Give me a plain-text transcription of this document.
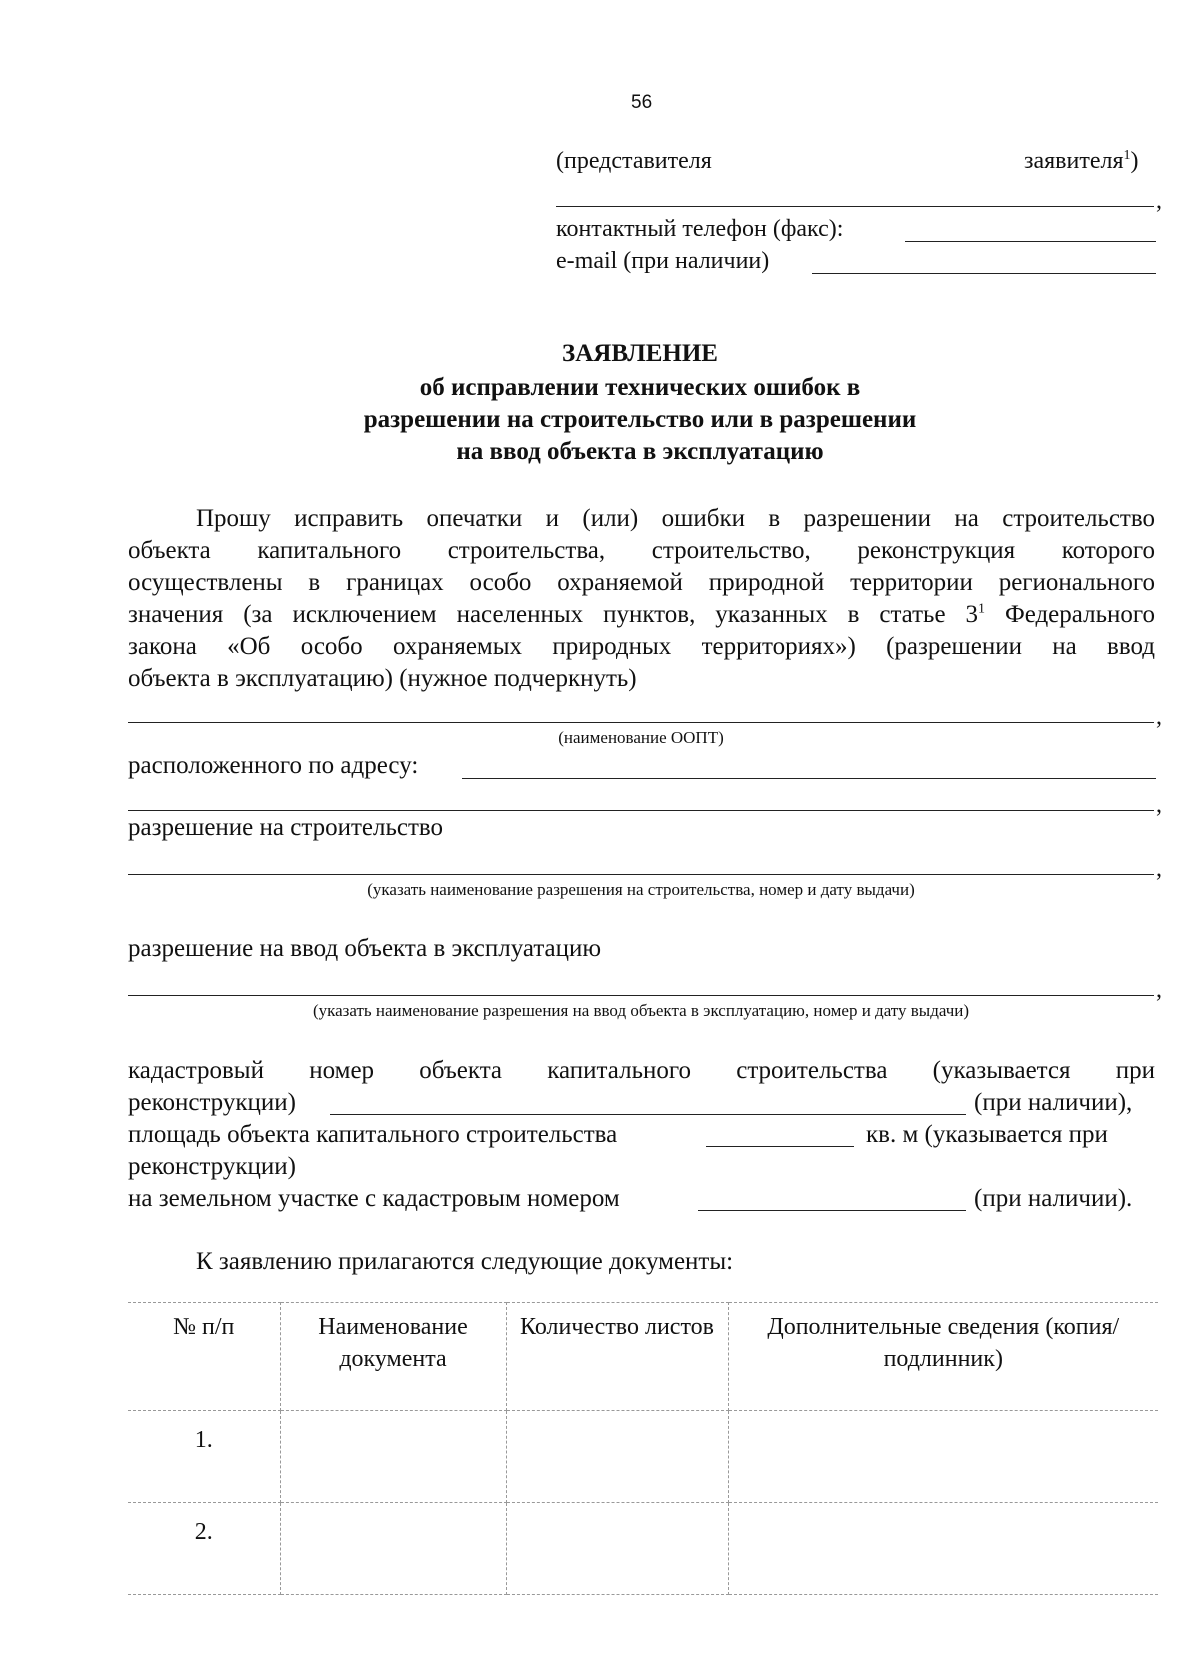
56
(представителя	заявителя$^1$)
,
контактный телефон (факс):
e-mail (при наличии)
ЗАЯВЛЕНИЕ
об исправлении технических ошибок в
разрешении на строительство или в разрешении
на ввод объекта в эксплуатацию
Прошу исправить опечатки и (или) ошибки в разрешении на строительство
объекта капитального строительства, строительство, реконструкция которого
осуществлены в границах особо охраняемой природной территории регионального
значения (за исключением населенных пунктов, указанных в статье $3^1$ Федерального
закона «Об особо охраняемых природных территориях») (разрешении на ввод
объекта в эксплуатацию) (нужное подчеркнуть)
,
(наименование ООПТ)
расположенного по адресу:
,
разрешение на строительство
,
(указать наименование разрешения на строительства, номер и дату выдачи)
разрешение на ввод объекта в эксплуатацию
,
(указать наименование разрешения на ввод объекта в эксплуатацию, номер и дату выдачи)
кадастровый номер объекта капитального строительства (указывается при
реконструкции)	(при наличии),
площадь объекта капитального строительства	кв. м (указывается при
реконструкции)
на земельном участке с кадастровым номером	(при наличии).
К заявлению прилагаются следующие документы:
№ п/п	Наименование документа	Количество листов	Дополнительные сведения (копия/подлинник)
1.			
2.			
